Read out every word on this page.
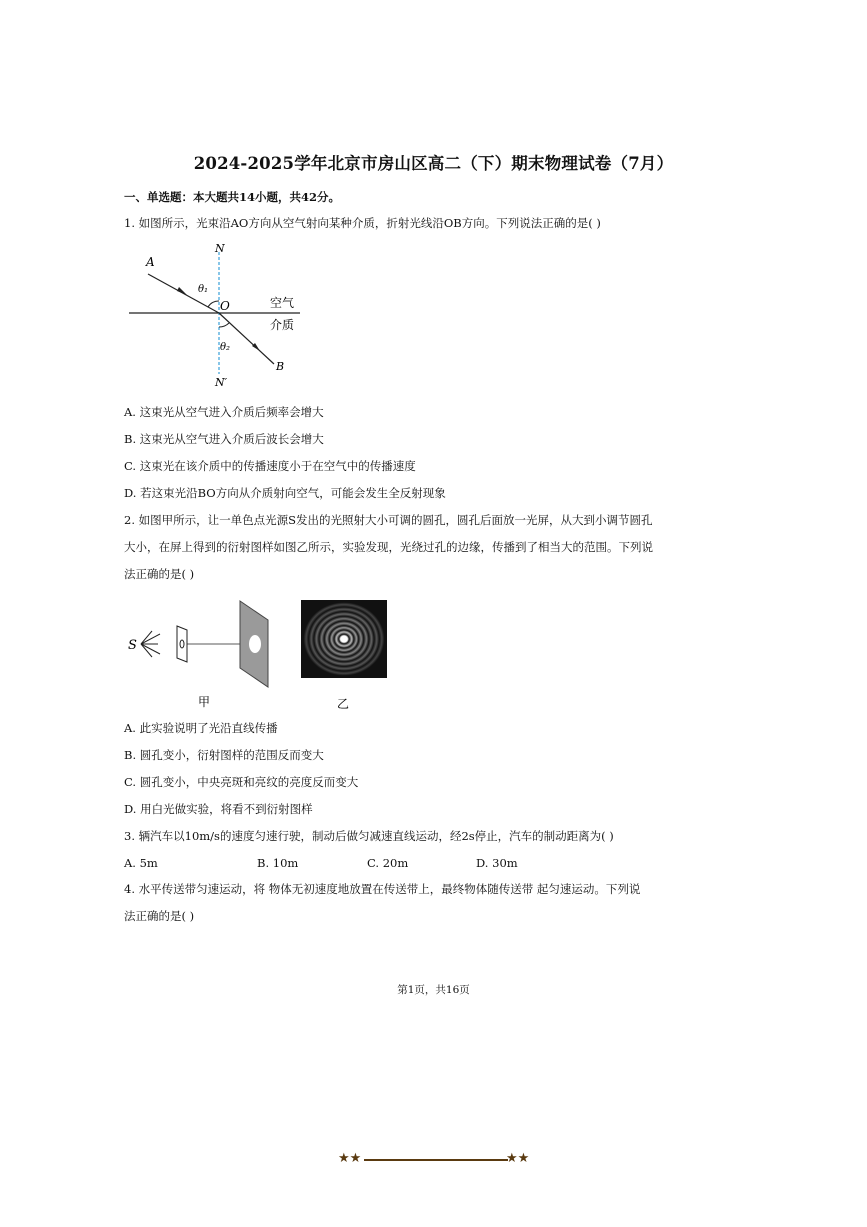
2024-2025学年北京市房山区高二（下）期末物理试卷（7月）
一、单选题：本大题共14小题，共42分。
1. 如图所示，光束沿AO方向从空气射向某种介质，折射光线沿OB方向。下列说法正确的是( )
A
N
O
θ₁
θ₂
B
N′
空气
介质
A. 这束光从空气进入介质后频率会增大
B. 这束光从空气进入介质后波长会增大
C. 这束光在该介质中的传播速度小于在空气中的传播速度
D. 若这束光沿BO方向从介质射向空气，可能会发生全反射现象
2. 如图甲所示，让一单色点光源S发出的光照射大小可调的圆孔，圆孔后面放一光屏，从大到小调节圆孔
大小，在屏上得到的衍射图样如图乙所示，实验发现，光绕过孔的边缘，传播到了相当大的范围。下列说
法正确的是( )
S
甲	乙
A. 此实验说明了光沿直线传播
B. 圆孔变小，衍射图样的范围反而变大
C. 圆孔变小，中央亮斑和亮纹的亮度反而变大
D. 用白光做实验，将看不到衍射图样
3. 辆汽车以10m/s的速度匀速行驶，制动后做匀减速直线运动，经2s停止，汽车的制动距离为( )
A. 5m	B. 10m	C. 20m	D. 30m
4. 水平传送带匀速运动，将 物体无初速度地放置在传送带上，最终物体随传送带 起匀速运动。下列说
法正确的是( )
第1页，共16页
★★	★★
